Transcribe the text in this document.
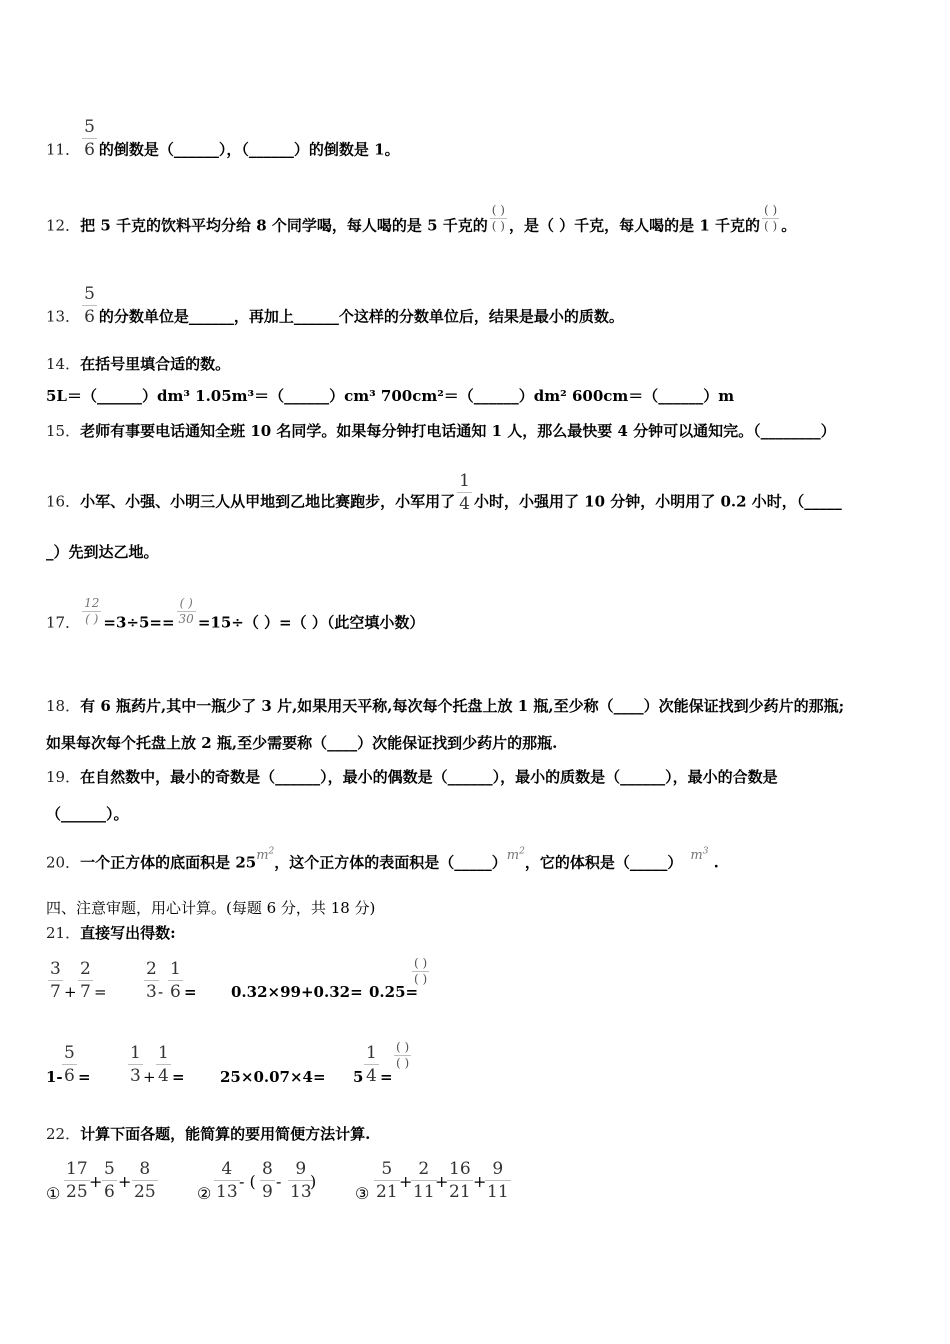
11． $\frac{5}{6}$ 的倒数是（______），（______）的倒数是 1。
12．把 5 千克的饮料平均分给 8 个同学喝，每人喝的是 5 千克的 $\frac{( )}{( )}$ ，是（ ）千克，每人喝的是 1 千克的 $\frac{( )}{( )}$ 。
13． $\frac{5}{6}$ 的分数单位是______，再加上______个这样的分数单位后，结果是最小的质数。
14．在括号里填合适的数。
5L＝（______）dm³ 1.05m³＝（______）cm³ 700cm²＝（______）dm² 600cm＝（______）m
15．老师有事要电话通知全班 10 名同学。如果每分钟打电话通知 1 人，那么最快要 4 分钟可以通知完。（________）
16．小军、小强、小明三人从甲地到乙地比赛跑步，小军用了 $\frac{1}{4}$ 小时，小强用了 10 分钟，小明用了 0.2 小时，（_____
_）先到达乙地。
17． $\frac{12}{( )} =3\div 5== \frac{( )}{30} =15\div$（ ）=（ ）（此空填小数）
18．有 6 瓶药片,其中一瓶少了 3 片,如果用天平称,每次每个托盘上放 1 瓶,至少称（____）次能保证找到少药片的那瓶;
如果每次每个托盘上放 2 瓶,至少需要称（____）次能保证找到少药片的那瓶.
19．在自然数中，最小的奇数是（______），最小的偶数是（______），最小的质数是（______），最小的合数是
（______）。
20．一个正方体的底面积是 $25m^2$，这个正方体的表面积是$(\_\_\_\_\_)m^2$，它的体积是（_____） $m^3$ .
四、注意审题，用心计算。(每题 6 分，共 18 分)
21．直接写出得数:
$\frac{3}{7} + \frac{2}{7} = \frac{2}{3} - \frac{1}{6} = 0.32\times 99+0.32= 0.25=$
$\frac{( )}{( )}$
$1- \frac{5}{6} = \frac{1}{3} + \frac{1}{4} = 25\times 0.07\times 4= 5 \frac{1}{4}$ =
$\frac{( )}{( )}$
22．计算下面各题，能简算的要用简便方法计算.
① $\frac{17}{25} + \frac{5}{6} + \frac{8}{25}$ ② $\frac{4}{13}$ - ( $\frac{8}{9} - \frac{9}{13}$
)
③ $\frac{5}{21}$ +
$\frac{2}{11}$
+
$\frac{16}{21}$ +
$\frac{9}{11}$
